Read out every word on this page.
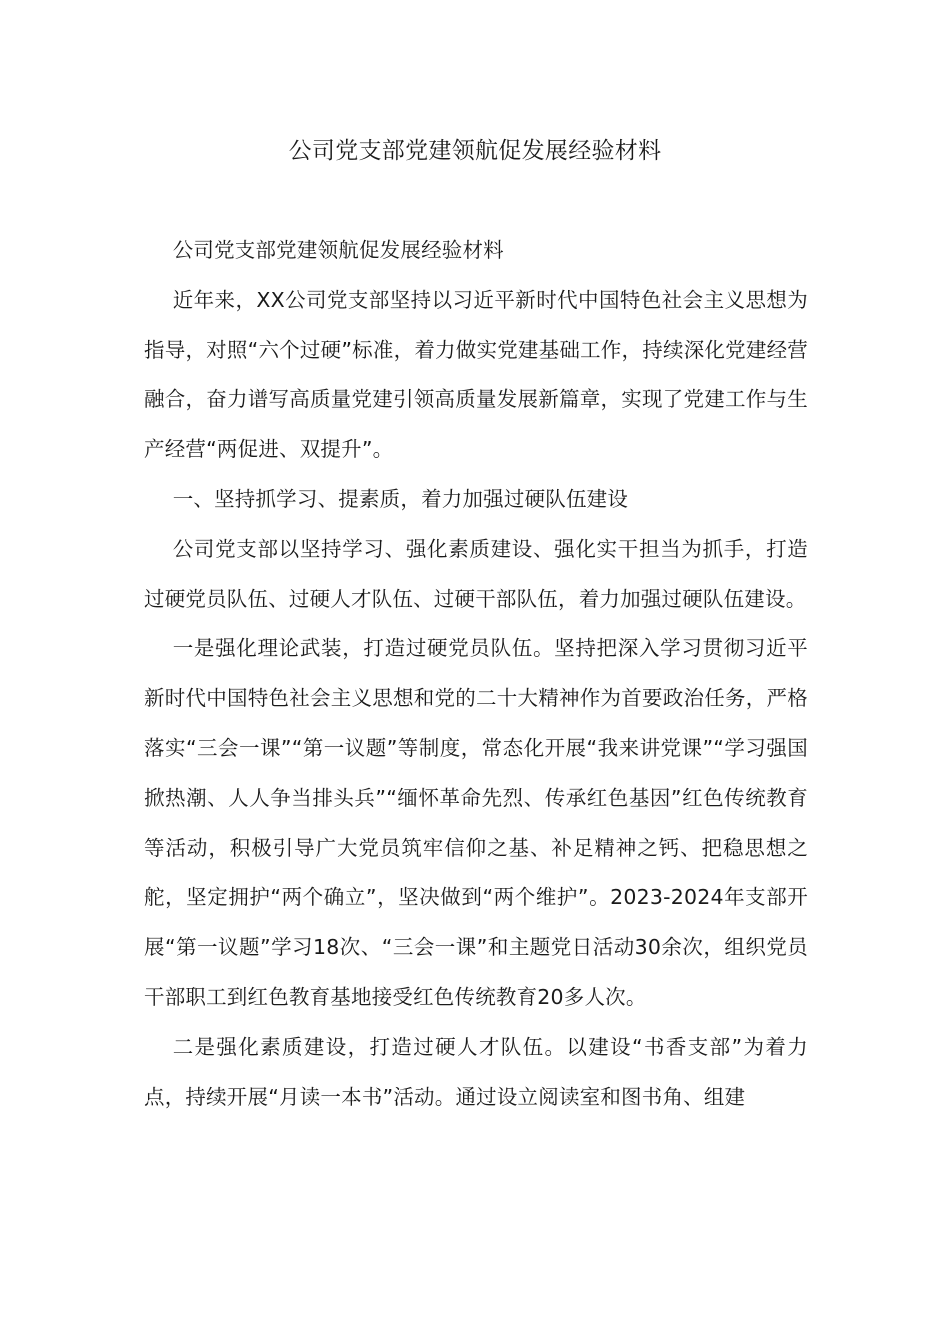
公司党支部党建领航促发展经验材料

公司党支部党建领航促发展经验材料

近年来，XX公司党支部坚持以习近平新时代中国特色社会主义思想为指导，对照“六个过硬”标准，着力做实党建基础工作，持续深化党建经营融合，奋力谱写高质量党建引领高质量发展新篇章，实现了党建工作与生产经营“两促进、双提升”。

一、坚持抓学习、提素质，着力加强过硬队伍建设

公司党支部以坚持学习、强化素质建设、强化实干担当为抓手，打造过硬党员队伍、过硬人才队伍、过硬干部队伍，着力加强过硬队伍建设。

一是强化理论武装，打造过硬党员队伍。坚持把深入学习贯彻习近平新时代中国特色社会主义思想和党的二十大精神作为首要政治任务，严格落实“三会一课”“第一议题”等制度，常态化开展“我来讲党课”“学习强国掀热潮、人人争当排头兵”“缅怀革命先烈、传承红色基因”红色传统教育等活动，积极引导广大党员筑牢信仰之基、补足精神之钙、把稳思想之舵，坚定拥护“两个确立”，坚决做到“两个维护”。2023-2024年支部开展“第一议题”学习18次、“三会一课”和主题党日活动30余次，组织党员干部职工到红色教育基地接受红色传统教育20多人次。

二是强化素质建设，打造过硬人才队伍。以建设“书香支部”为着力点，持续开展“月读一本书”活动。通过设立阅读室和图书角、组建
